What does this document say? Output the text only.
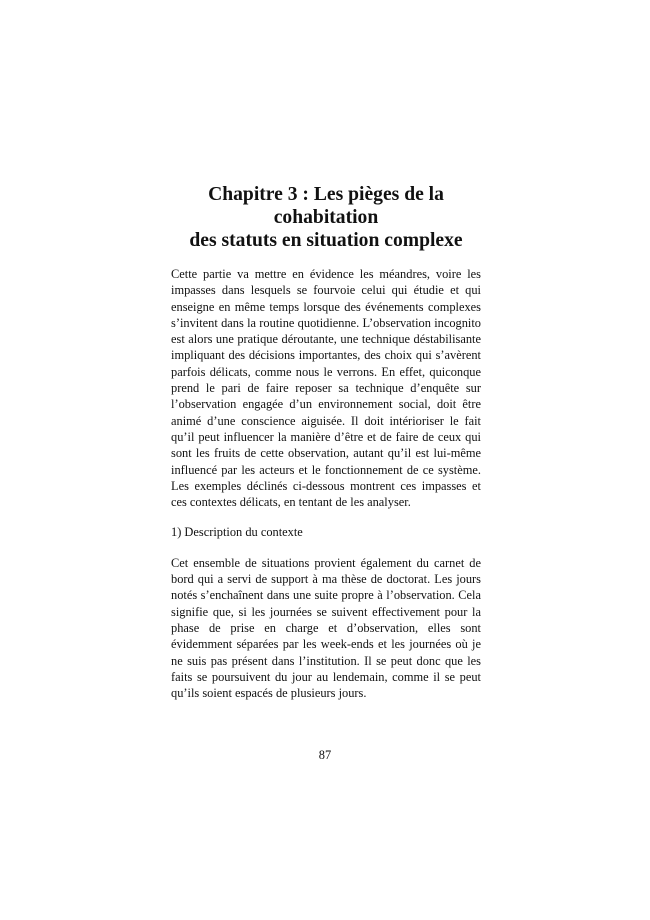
Chapitre 3 : Les pièges de la cohabitation
des statuts en situation complexe

Cette partie va mettre en évidence les méandres, voire les impasses dans lesquels se fourvoie celui qui étudie et qui enseigne en même temps lorsque des événements complexes s’invitent dans la routine quotidienne. L’observation incognito est alors une pratique déroutante, une technique déstabilisante impliquant des décisions importantes, des choix qui s’avèrent parfois délicats, comme nous le verrons. En effet, quiconque prend le pari de faire reposer sa technique d’enquête sur l’observation engagée d’un environnement social, doit être animé d’une conscience aiguisée. Il doit intérioriser le fait qu’il peut influencer la manière d’être et de faire de ceux qui sont les fruits de cette observation, autant qu’il est lui-même influencé par les acteurs et le fonctionnement de ce système. Les exemples déclinés ci-dessous montrent ces impasses et ces contextes délicats, en tentant de les analyser.

1) Description du contexte

Cet ensemble de situations provient également du carnet de bord qui a servi de support à ma thèse de doctorat. Les jours notés s’enchaînent dans une suite propre à l’observation. Cela signifie que, si les journées se suivent effectivement pour la phase de prise en charge et d’observation, elles sont évidemment séparées par les week-ends et les journées où je ne suis pas présent dans l’institution. Il se peut donc que les faits se poursuivent du jour au lendemain, comme il se peut qu’ils soient espacés de plusieurs jours.

87
